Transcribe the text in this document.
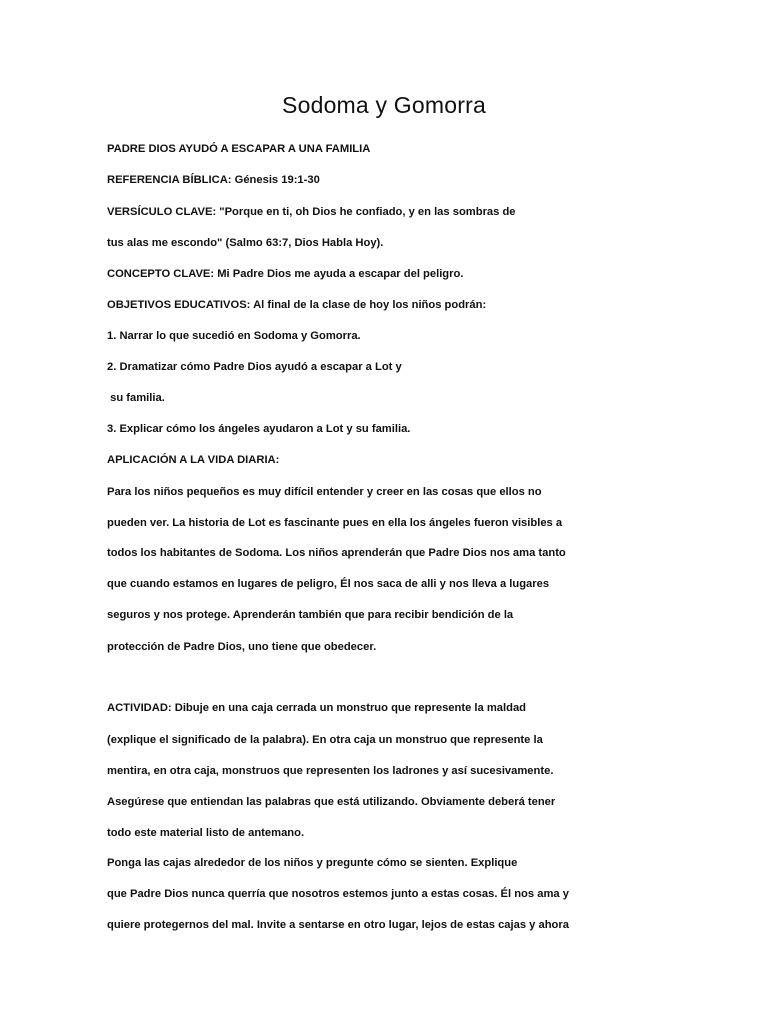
Sodoma y Gomorra

PADRE DIOS AYUDÓ A ESCAPAR A UNA FAMILIA

REFERENCIA BÍBLICA: Génesis 19:1-30

VERSÍCULO CLAVE: "Porque en ti, oh Dios he confiado, y en las sombras de

tus alas me escondo" (Salmo 63:7, Dios Habla Hoy).

CONCEPTO CLAVE: Mi Padre Dios me ayuda a escapar del peligro.

OBJETIVOS EDUCATIVOS: Al final de la clase de hoy los niños podrán:

1. Narrar lo que sucedió en Sodoma y Gomorra.

2. Dramatizar cómo Padre Dios ayudó a escapar a Lot y

su familia.

3. Explicar cómo los ángeles ayudaron a Lot y su familia.

APLICACIÓN A LA VIDA DIARIA:

Para los niños pequeños es muy difícil entender y creer en las cosas que ellos no

pueden ver. La historia de Lot es fascinante pues en ella los ángeles fueron visibles a

todos los habitantes de Sodoma. Los niños aprenderán que Padre Dios nos ama tanto

que cuando estamos en lugares de peligro, Él nos saca de alli y nos lleva a lugares

seguros y nos protege. Aprenderán también que para recibir bendición de la

protección de Padre Dios, uno tiene que obedecer.

ACTIVIDAD: Dibuje en una caja cerrada un monstruo que represente la maldad

(explique el significado de la palabra). En otra caja un monstruo que represente la

mentira, en otra caja, monstruos que representen los ladrones y así sucesivamente.

Asegúrese que entiendan las palabras que está utilizando. Obviamente deberá tener

todo este material listo de antemano.

Ponga las cajas alrededor de los niños y pregunte cómo se sienten. Explique

que Padre Dios nunca querría que nosotros estemos junto a estas cosas. Él nos ama y

quiere protegernos del mal. Invite a sentarse en otro lugar, lejos de estas cajas y ahora
